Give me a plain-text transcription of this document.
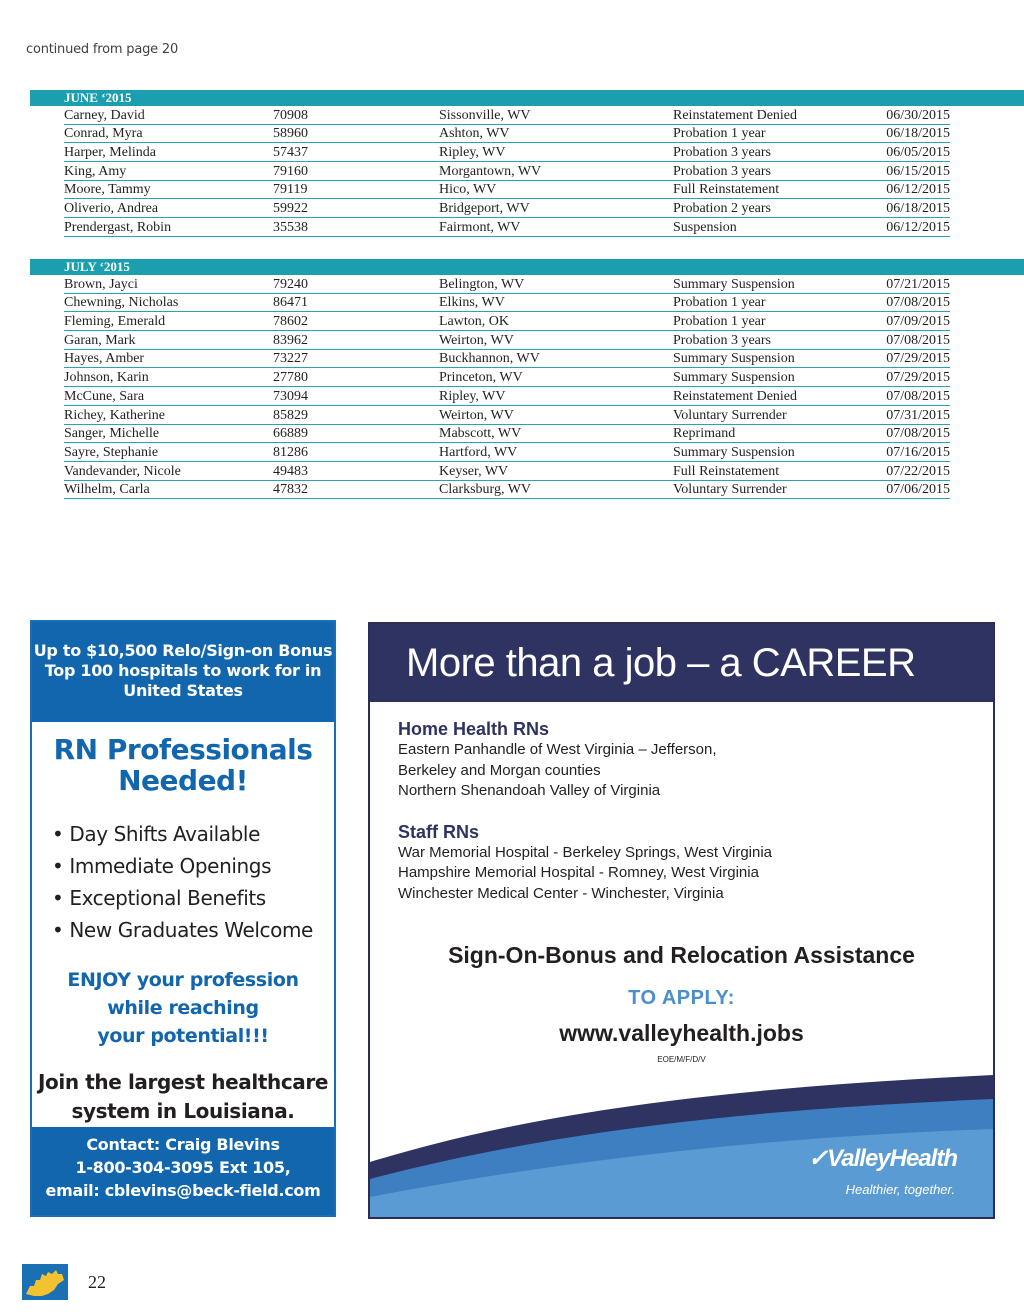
continued from page 20
JUNE ‘2015
Carney, David	70908	Sissonville, WV	Reinstatement Denied	06/30/2015
Conrad, Myra	58960	Ashton, WV	Probation 1 year	06/18/2015
Harper, Melinda	57437	Ripley, WV	Probation 3 years	06/05/2015
King, Amy	79160	Morgantown, WV	Probation 3 years	06/15/2015
Moore, Tammy	79119	Hico, WV	Full Reinstatement	06/12/2015
Oliverio, Andrea	59922	Bridgeport, WV	Probation 2 years	06/18/2015
Prendergast, Robin	35538	Fairmont, WV	Suspension	06/12/2015
JULY ‘2015
Brown, Jayci	79240	Belington, WV	Summary Suspension	07/21/2015
Chewning, Nicholas	86471	Elkins, WV	Probation 1 year	07/08/2015
Fleming, Emerald	78602	Lawton, OK	Probation 1 year	07/09/2015
Garan, Mark	83962	Weirton, WV	Probation 3 years	07/08/2015
Hayes, Amber	73227	Buckhannon, WV	Summary Suspension	07/29/2015
Johnson, Karin	27780	Princeton, WV	Summary Suspension	07/29/2015
McCune, Sara	73094	Ripley, WV	Reinstatement Denied	07/08/2015
Richey, Katherine	85829	Weirton, WV	Voluntary Surrender	07/31/2015
Sanger, Michelle	66889	Mabscott, WV	Reprimand	07/08/2015
Sayre, Stephanie	81286	Hartford, WV	Summary Suspension	07/16/2015
Vandevander, Nicole	49483	Keyser, WV	Full Reinstatement	07/22/2015
Wilhelm, Carla	47832	Clarksburg, WV	Voluntary Surrender	07/06/2015
Up to $10,500 Relo/Sign-on Bonus
Top 100 hospitals to work for in
United States
RN Professionals
Needed!
• Day Shifts Available
• Immediate Openings
• Exceptional Benefits
• New Graduates Welcome
ENJOY your profession
while reaching
your potential!!!
Join the largest healthcare
system in Louisiana.
Contact: Craig Blevins
1-800-304-3095 Ext 105,
email: cblevins@beck-field.com
More than a job – a CAREER
Home Health RNs
Eastern Panhandle of West Virginia – Jefferson,
Berkeley and Morgan counties
Northern Shenandoah Valley of Virginia
Staff RNs
War Memorial Hospital - Berkeley Springs, West Virginia
Hampshire Memorial Hospital - Romney, West Virginia
Winchester Medical Center - Winchester, Virginia
Sign-On-Bonus and Relocation Assistance
TO APPLY:
www.valleyhealth.jobs
EOE/M/F/D/V
✓ValleyHealth
Healthier, together.
22
